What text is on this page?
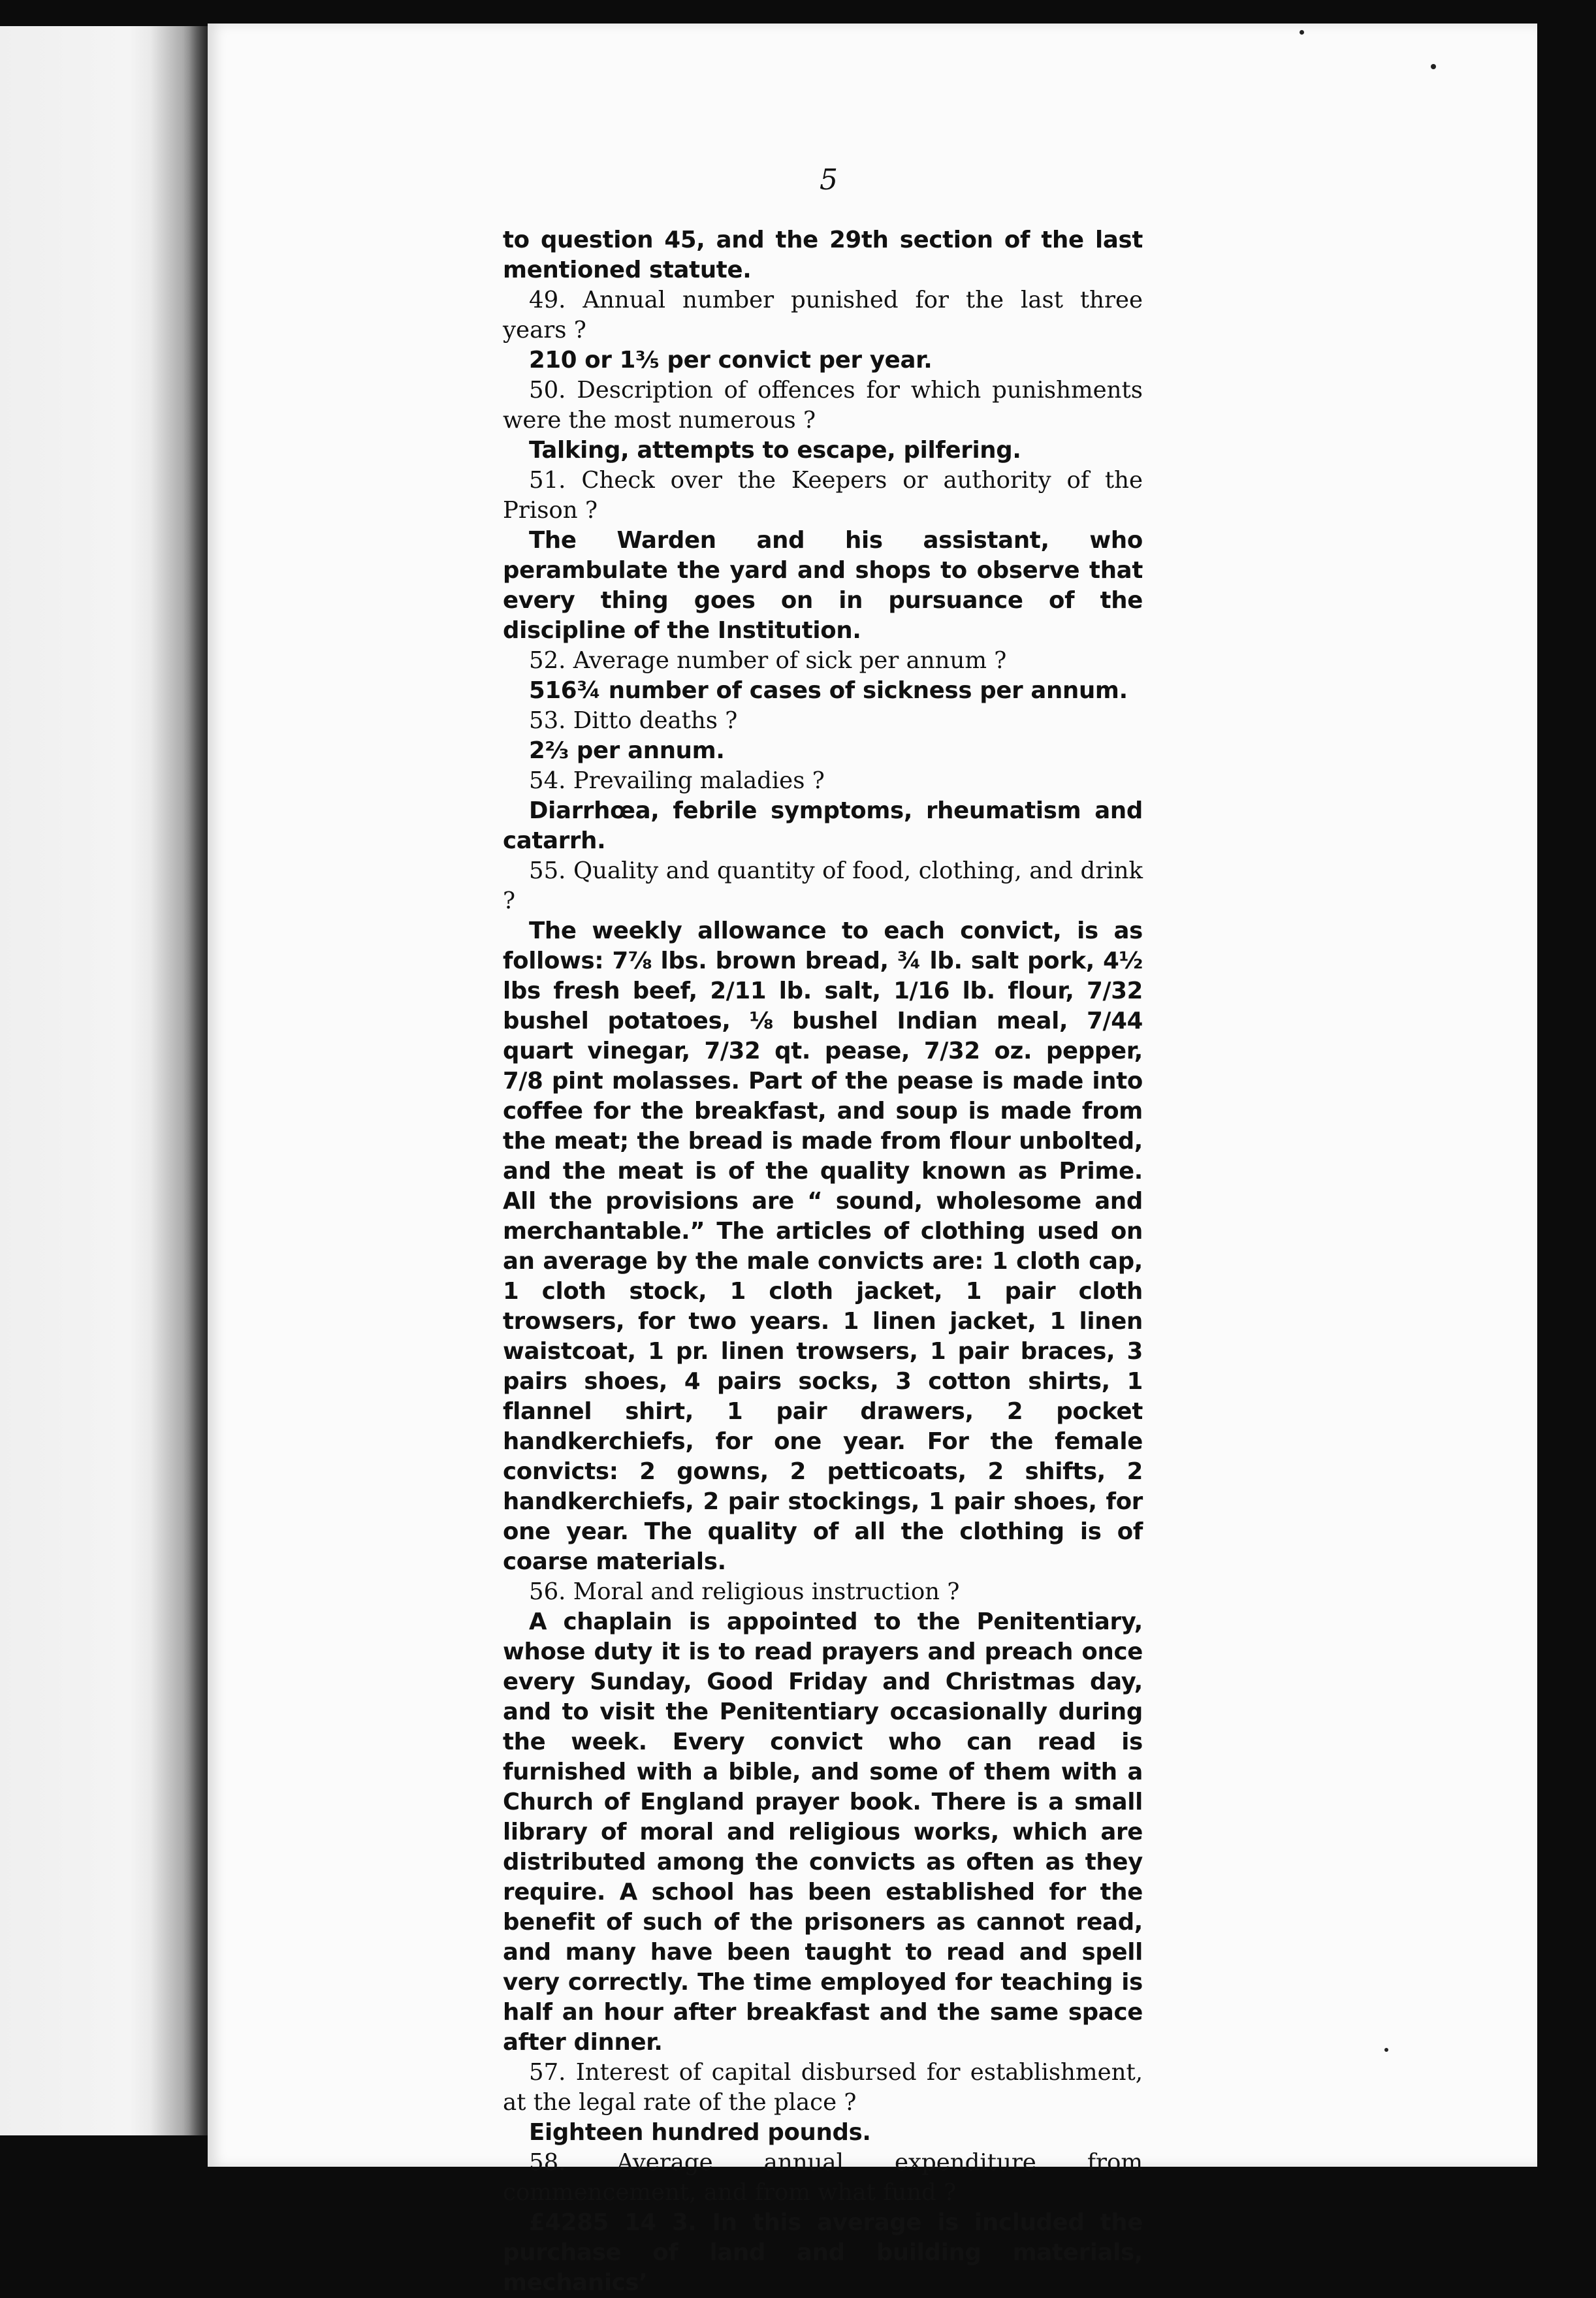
5

to question 45, and the 29th section of the last mentioned statute.

49. Annual number punished for the last three years ?

210 or 1⅗ per convict per year.

50. Description of offences for which punishments were the most numerous ?

Talking, attempts to escape, pilfering.

51. Check over the Keepers or authority of the Prison ?

The Warden and his assistant, who perambulate the yard and shops to observe that every thing goes on in pursuance of the discipline of the Institution.

52. Average number of sick per annum ?

516¾ number of cases of sickness per annum.

53. Ditto deaths ?

2⅔ per annum.

54. Prevailing maladies ?

Diarrhœa, febrile symptoms, rheumatism and catarrh.

55. Quality and quantity of food, clothing, and drink ?

The weekly allowance to each convict, is as follows: 7⅞ lbs. brown bread, ¾ lb. salt pork, 4½ lbs fresh beef, 2/11 lb. salt, 1/16 lb. flour, 7/32 bushel potatoes, ⅛ bushel Indian meal, 7/44 quart vinegar, 7/32 qt. pease, 7/32 oz. pepper, 7/8 pint molasses. Part of the pease is made into coffee for the breakfast, and soup is made from the meat; the bread is made from flour unbolted, and the meat is of the quality known as Prime. All the provisions are “ sound, wholesome and merchantable.” The articles of clothing used on an average by the male convicts are: 1 cloth cap, 1 cloth stock, 1 cloth jacket, 1 pair cloth trowsers, for two years. 1 linen jacket, 1 linen waistcoat, 1 pr. linen trowsers, 1 pair braces, 3 pairs shoes, 4 pairs socks, 3 cotton shirts, 1 flannel shirt, 1 pair drawers, 2 pocket handkerchiefs, for one year. For the female convicts: 2 gowns, 2 petticoats, 2 shifts, 2 handkerchiefs, 2 pair stockings, 1 pair shoes, for one year. The quality of all the clothing is of coarse materials.

56. Moral and religious instruction ?

A chaplain is appointed to the Penitentiary, whose duty it is to read prayers and preach once every Sunday, Good Friday and Christmas day, and to visit the Penitentiary occasionally during the week. Every convict who can read is furnished with a bible, and some of them with a Church of England prayer book. There is a small library of moral and religious works, which are distributed among the convicts as often as they require. A school has been established for the benefit of such of the prisoners as cannot read, and many have been taught to read and spell very correctly. The time employed for teaching is half an hour after breakfast and the same space after dinner.

57. Interest of capital disbursed for establishment, at the legal rate of the place ?

Eighteen hundred pounds.

58. Average annual expenditure from commencement, and from what fund ?

£4285 14 3. In this average is included the purchase of land and building materials, mechanics’
